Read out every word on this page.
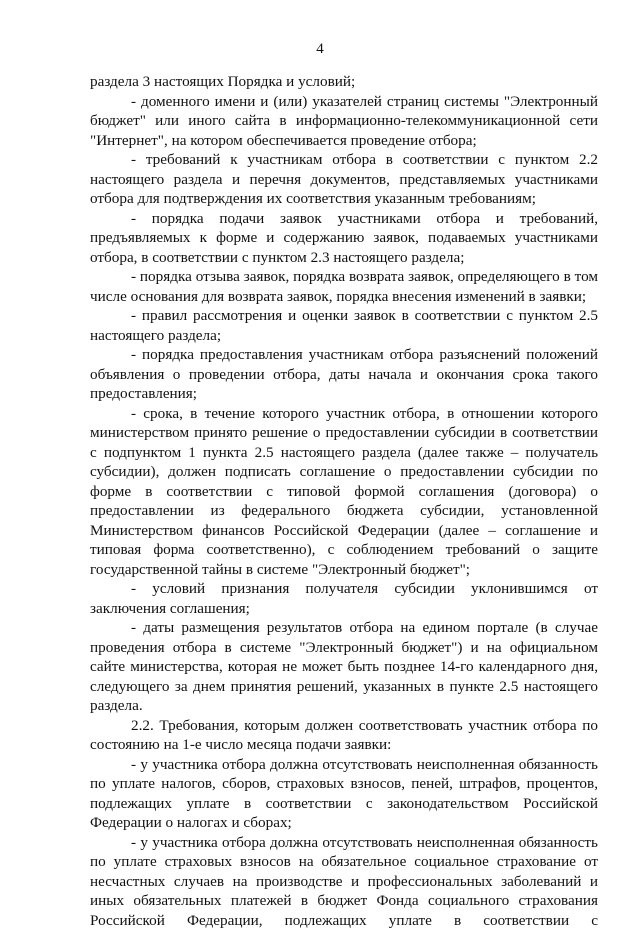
4
раздела 3 настоящих Порядка и условий;
- доменного имени и (или) указателей страниц системы "Электронный
бюджет" или иного сайта в информационно-телекоммуникационной сети
"Интернет", на котором обеспечивается проведение отбора;
- требований к участникам отбора в соответствии с пунктом 2.2
настоящего раздела и перечня документов, представляемых участниками
отбора для подтверждения их соответствия указанным требованиям;
- порядка подачи заявок участниками отбора и требований,
предъявляемых к форме и содержанию заявок, подаваемых участниками
отбора, в соответствии с пунктом 2.3 настоящего раздела;
- порядка отзыва заявок, порядка возврата заявок, определяющего в том
числе основания для возврата заявок, порядка внесения изменений в заявки;
- правил рассмотрения и оценки заявок в соответствии с пунктом 2.5
настоящего раздела;
- порядка предоставления участникам отбора разъяснений положений
объявления о проведении отбора, даты начала и окончания срока такого
предоставления;
- срока, в течение которого участник отбора, в отношении которого
министерством принято решение о предоставлении субсидии в соответствии
с подпунктом 1 пункта 2.5 настоящего раздела (далее также – получатель
субсидии), должен подписать соглашение о предоставлении субсидии по
форме в соответствии с типовой формой соглашения (договора) о
предоставлении из федерального бюджета субсидии, установленной
Министерством финансов Российской Федерации (далее – соглашение и
типовая форма соответственно), с соблюдением требований о защите
государственной тайны в системе "Электронный бюджет";
- условий признания получателя субсидии уклонившимся от
заключения соглашения;
- даты размещения результатов отбора на едином портале (в случае
проведения отбора в системе "Электронный бюджет") и на официальном
сайте министерства, которая не может быть позднее 14-го календарного дня,
следующего за днем принятия решений, указанных в пункте 2.5 настоящего
раздела.
2.2. Требования, которым должен соответствовать участник отбора по
состоянию на 1-е число месяца подачи заявки:
- у участника отбора должна отсутствовать неисполненная обязанность
по уплате налогов, сборов, страховых взносов, пеней, штрафов, процентов,
подлежащих уплате в соответствии с законодательством Российской
Федерации о налогах и сборах;
- у участника отбора должна отсутствовать неисполненная обязанность
по уплате страховых взносов на обязательное социальное страхование от
несчастных случаев на производстве и профессиональных заболеваний и
иных обязательных платежей в бюджет Фонда социального страхования
Российской Федерации, подлежащих уплате в соответствии с
